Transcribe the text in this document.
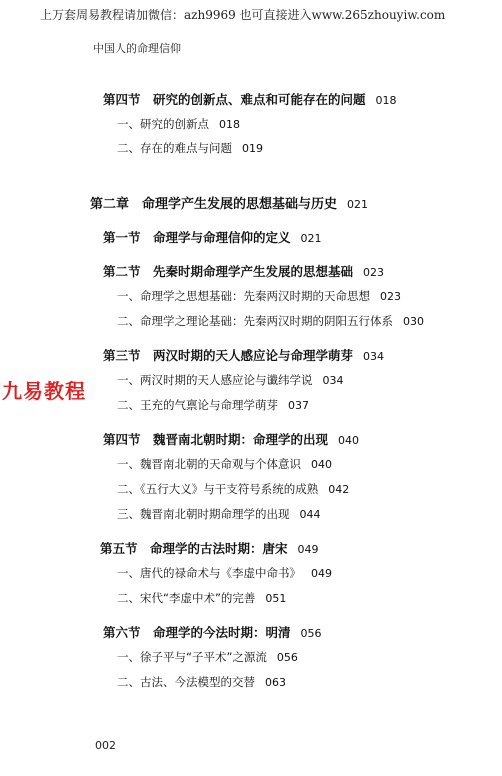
上万套周易教程请加微信：azh9969 也可直接进入www.265zhouyiw.com
中国人的命理信仰
第四节　研究的创新点、难点和可能存在的问题 018
一、研究的创新点 018
二、存在的难点与问题 019
第二章　命理学产生发展的思想基础与历史 021
第一节　命理学与命理信仰的定义 021
第二节　先秦时期命理学产生发展的思想基础 023
一、命理学之思想基础：先秦两汉时期的天命思想 023
二、命理学之理论基础：先秦两汉时期的阴阳五行体系 030
第三节　两汉时期的天人感应论与命理学萌芽 034
一、两汉时期的天人感应论与谶纬学说 034
二、王充的气禀论与命理学萌芽 037
第四节　魏晋南北朝时期：命理学的出现 040
一、魏晋南北朝的天命观与个体意识 040
二、《五行大义》与干支符号系统的成熟 042
三、魏晋南北朝时期命理学的出现 044
第五节　命理学的古法时期：唐宋 049
一、唐代的禄命术与《李虚中命书》 049
二、宋代“李虚中术”的完善 051
第六节　命理学的今法时期：明清 056
一、徐子平与“子平术”之源流 056
二、古法、今法模型的交替 063
九易教程
002
